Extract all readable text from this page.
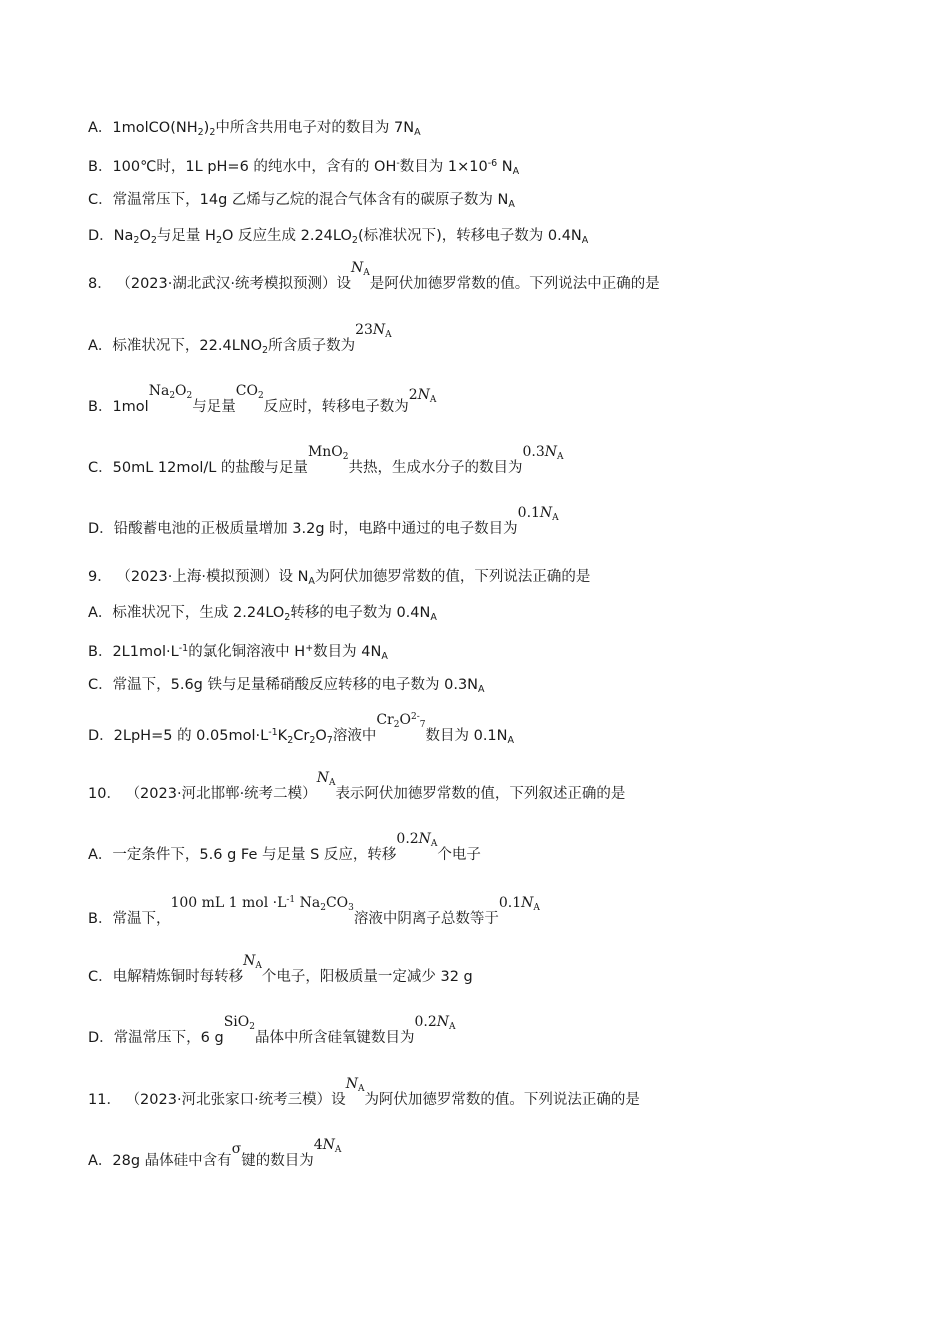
A．$1molCO(NH_2)_2$中所含共用电子对的数目为 $7N_A$
B．100℃时，1L pH=6 的纯水中，含有的 OH-数目为 $1\times 10^{-6}$ $N_A$
C．常温常压下，14g 乙烯与乙烷的混合气体含有的碳原子数为 $N_A$
D．$Na_2O_2$与足量 $H_2O$ 反应生成 $2.24LO_2$(标准状况下)，转移电子数为 $0.4N_A$
8． （2023·湖北武汉·统考模拟预测）设$N_A$是阿伏加德罗常数的值。下列说法中正确的是
A．标准状况下，$22.4LNO_2$所含质子数为$23N_A$
B．$1molNa_2O_2$与足量$CO_2$反应时，转移电子数为$2N_A$
C．50mL 12mol/L 的盐酸与足量MnO$_2$共热，生成水分子的数目为$0.3N_A$
D．铅酸蓄电池的正极质量增加 3.2g 时，电路中通过的电子数目为$0.1N_A$
9． （2023·上海·模拟预测）设 $N_A$为阿伏加德罗常数的值，下列说法正确的是
A．标准状况下，生成 $2.24LO_2$转移的电子数为 $0.4N_A$
B．$2L1mol\cdot L^{-1}$的氯化铜溶液中 H+数目为 $4N_A$
C．常温下，5.6g 铁与足量稀硝酸反应转移的电子数为 $0.3N_A$
D．2LpH=5 的 $0.05mol\cdot L^{-1}K_2Cr_2O_7$溶液中$Cr_2O^{2-}_7$数目为 $0.1N_A$
10． （2023·河北邯郸·统考二模）$N_A$表示阿伏加德罗常数的值，下列叙述正确的是
A．一定条件下，5.6 g Fe 与足量 S 反应，转移$0.2N_A$个电子
B．常温下，100 mL 1 mol $\cdot L^{-1}$ $Na_2CO_3$溶液中阴离子总数等于$0.1N_A$
C．电解精炼铜时每转移$N_A$个电子，阳极质量一定减少 32 g
D．常温常压下，6 gSiO$_2$晶体中所含硅氧键数目为$0.2N_A$
11． （2023·河北张家口·统考三模）设$N_A$为阿伏加德罗常数的值。下列说法正确的是
A．28g 晶体硅中含有σ键的数目为$4N_A$
